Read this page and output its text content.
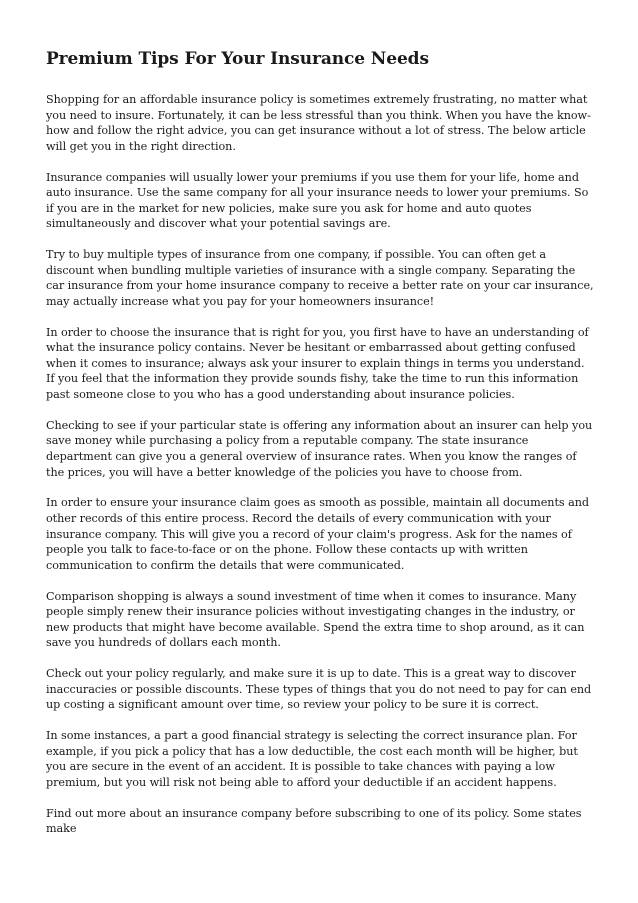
Premium Tips For Your Insurance Needs

Shopping for an affordable insurance policy is sometimes extremely frustrating, no matter what you need to insure. Fortunately, it can be less stressful than you think. When you have the know-how and follow the right advice, you can get insurance without a lot of stress. The below article will get you in the right direction.

Insurance companies will usually lower your premiums if you use them for your life, home and auto insurance. Use the same company for all your insurance needs to lower your premiums. So if you are in the market for new policies, make sure you ask for home and auto quotes simultaneously and discover what your potential savings are.

Try to buy multiple types of insurance from one company, if possible. You can often get a discount when bundling multiple varieties of insurance with a single company. Separating the car insurance from your home insurance company to receive a better rate on your car insurance, may actually increase what you pay for your homeowners insurance!

In order to choose the insurance that is right for you, you first have to have an understanding of what the insurance policy contains. Never be hesitant or embarrassed about getting confused when it comes to insurance; always ask your insurer to explain things in terms you understand. If you feel that the information they provide sounds fishy, take the time to run this information past someone close to you who has a good understanding about insurance policies.

Checking to see if your particular state is offering any information about an insurer can help you save money while purchasing a policy from a reputable company. The state insurance department can give you a general overview of insurance rates. When you know the ranges of the prices, you will have a better knowledge of the policies you have to choose from.

In order to ensure your insurance claim goes as smooth as possible, maintain all documents and other records of this entire process. Record the details of every communication with your insurance company. This will give you a record of your claim's progress. Ask for the names of people you talk to face-to-face or on the phone. Follow these contacts up with written communication to confirm the details that were communicated.

Comparison shopping is always a sound investment of time when it comes to insurance. Many people simply renew their insurance policies without investigating changes in the industry, or new products that might have become available. Spend the extra time to shop around, as it can save you hundreds of dollars each month.

Check out your policy regularly, and make sure it is up to date. This is a great way to discover inaccuracies or possible discounts. These types of things that you do not need to pay for can end up costing a significant amount over time, so review your policy to be sure it is correct.

In some instances, a part a good financial strategy is selecting the correct insurance plan. For example, if you pick a policy that has a low deductible, the cost each month will be higher, but you are secure in the event of an accident. It is possible to take chances with paying a low premium, but you will risk not being able to afford your deductible if an accident happens.

Find out more about an insurance company before subscribing to one of its policy. Some states make
